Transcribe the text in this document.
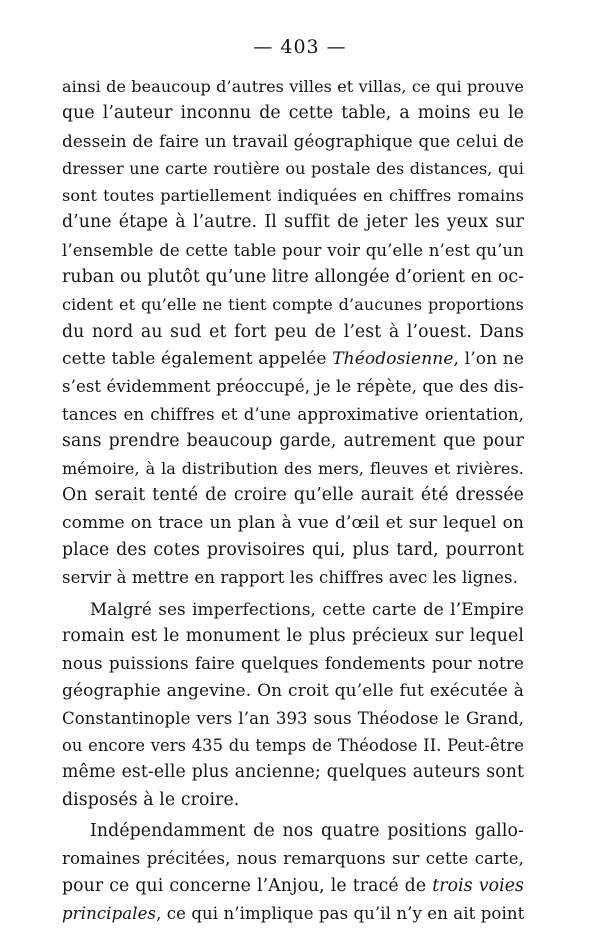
— 403 —
ainsi de beaucoup d’autres villes et villas, ce qui prouve
que l’auteur inconnu de cette table, a moins eu le
dessein de faire un travail géographique que celui de
dresser une carte routière ou postale des distances, qui
sont toutes partiellement indiquées en chiffres romains
d’une étape à l’autre. Il suffit de jeter les yeux sur
l’ensemble de cette table pour voir qu’elle n’est qu’un
ruban ou plutôt qu’une litre allongée d’orient en oc-
cident et qu’elle ne tient compte d’aucunes proportions
du nord au sud et fort peu de l’est à l’ouest. Dans
cette table également appelée Théodosienne, l’on ne
s’est évidemment préoccupé, je le répète, que des dis-
tances en chiffres et d’une approximative orientation,
sans prendre beaucoup garde, autrement que pour
mémoire, à la distribution des mers, fleuves et rivières.
On serait tenté de croire qu’elle aurait été dressée
comme on trace un plan à vue d’œil et sur lequel on
place des cotes provisoires qui, plus tard, pourront
servir à mettre en rapport les chiffres avec les lignes.
Malgré ses imperfections, cette carte de l’Empire
romain est le monument le plus précieux sur lequel
nous puissions faire quelques fondements pour notre
géographie angevine. On croit qu’elle fut exécutée à
Constantinople vers l’an 393 sous Théodose le Grand,
ou encore vers 435 du temps de Théodose II. Peut-être
même est-elle plus ancienne; quelques auteurs sont
disposés à le croire.
Indépendamment de nos quatre positions gallo-
romaines précitées, nous remarquons sur cette carte,
pour ce qui concerne l’Anjou, le tracé de trois voies
principales, ce qui n’implique pas qu’il n’y en ait point
